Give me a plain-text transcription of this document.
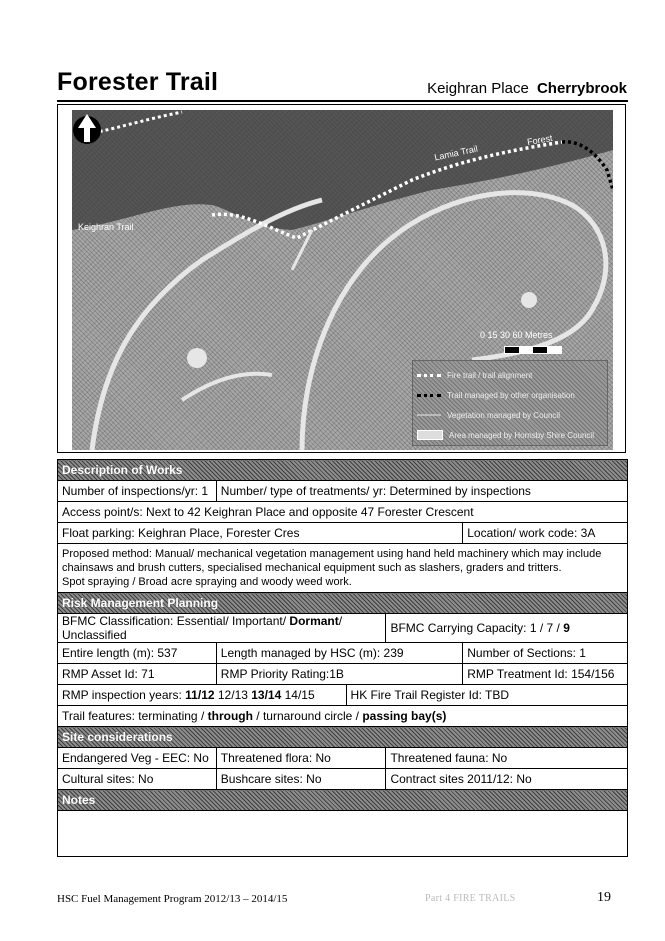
Forester Trail	Keighran Place Cherrybrook
Keighran Trail
Lamia Trail
Forest
0 15 30 60 Metres
Fire trail / trail alignment
Trail managed by other organisation
Vegetation managed by Council
Area managed by Hornsby Shire Council
Description of Works				
Number of inspections/yr: 1	Number/ type of treatments/ yr: Determined by inspections			
Access point/s: Next to 42 Keighran Place and opposite 47 Forester Crescent				
Float parking: Keighran Place, Forester Cres				Location/ work code: 3A

Proposed method: Manual/ mechanical vegetation management using hand held machinery which may include
chainsaws and brush cutters, specialised mechanical equipment such as slashers, graders and tritters.
Spot spraying / Broad acre spraying and woody weed work.				

Risk Management Planning				
BFMC Classification: Essential/ Important/ Dormant/ Unclassified			BFMC Carrying Capacity: 1 / 7 / 9	
Entire length (m): 537	Length managed by HSC (m): 239			Number of Sections: 1
RMP Asset Id: 71	RMP Priority Rating:1B			RMP Treatment Id: 154/156
RMP inspection years: 11/12 12/13 13/14 14/15		HK Fire Trail Register Id: TBD		
Trail features: terminating / through / turnaround circle / passing bay(s)				
Site considerations				
Endangered Veg - EEC: No	Threatened flora: No		Threatened fauna: No	
Cultural sites: No	Bushcare sites: No		Contract sites 2011/12: No	
Notes				

HSC Fuel Management Program 2012/13 – 2014/15	Part 4 FIRE TRAILS	19
